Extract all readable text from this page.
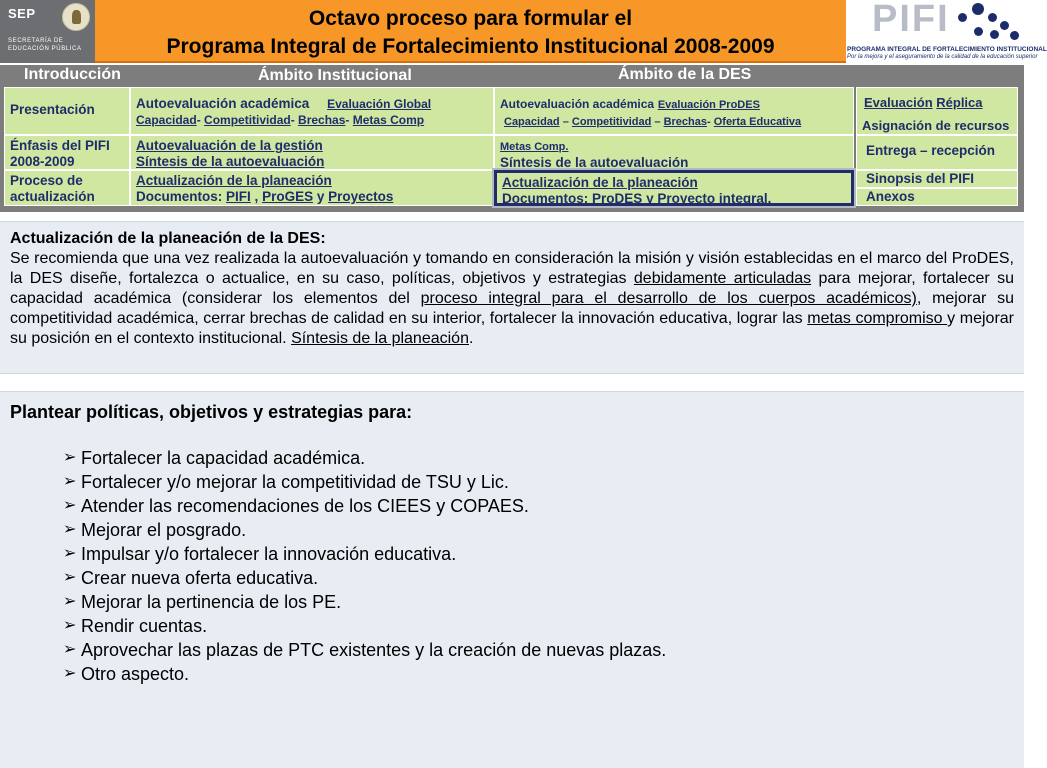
SEP
SECRETARÍA DE
EDUCACIÓN PÚBLICA
Octavo proceso para formular el
Programa Integral de Fortalecimiento Institucional 2008-2009
PIFI
PROGRAMA INTEGRAL DE FORTALECIMIENTO INSTITUCIONAL
Por la mejora y el aseguramiento de la calidad de la educación superior
Introducción	Ámbito Institucional	Ámbito de la DES
Presentación
Énfasis del PIFI 2008-2009
Proceso de actualización
Autoevaluación académica Evaluación Global
Capacidad- Competitividad- Brechas- Metas Comp
Autoevaluación de la gestión
Síntesis de la autoevaluación
Actualización de la planeación
Documentos: PIFI , ProGES y Proyectos
Autoevaluación académica Evaluación ProDES
Capacidad – Competitividad – Brechas- Oferta Educativa
Metas Comp.
Síntesis de la autoevaluación
Actualización de la planeación
Documentos: ProDES y Proyecto integral.
Evaluación Réplica
Asignación de recursos
Entrega – recepción
Sinopsis del PIFI
Anexos
Actualización de la planeación de la DES:
Se recomienda que una vez realizada la autoevaluación y tomando en consideración la misión y visión establecidas en el marco del ProDES, la DES diseñe, fortalezca o actualice, en su caso, políticas, objetivos y estrategias debidamente articuladas para mejorar, fortalecer su capacidad académica (considerar los elementos del proceso integral para el desarrollo de los cuerpos académicos), mejorar su competitividad académica, cerrar brechas de calidad en su interior, fortalecer la innovación educativa, lograr las metas compromiso y mejorar su posición en el contexto institucional. Síntesis de la planeación.
Plantear políticas, objetivos y estrategias para:
➢ Fortalecer la capacidad académica.
➢ Fortalecer y/o mejorar la competitividad de TSU y Lic.
➢ Atender las recomendaciones de los CIEES y COPAES.
➢ Mejorar el posgrado.
➢ Impulsar y/o fortalecer la innovación educativa.
➢ Crear nueva oferta educativa.
➢ Mejorar la pertinencia de los PE.
➢ Rendir cuentas.
➢ Aprovechar las plazas de PTC existentes y la creación de nuevas plazas.
➢ Otro aspecto.
